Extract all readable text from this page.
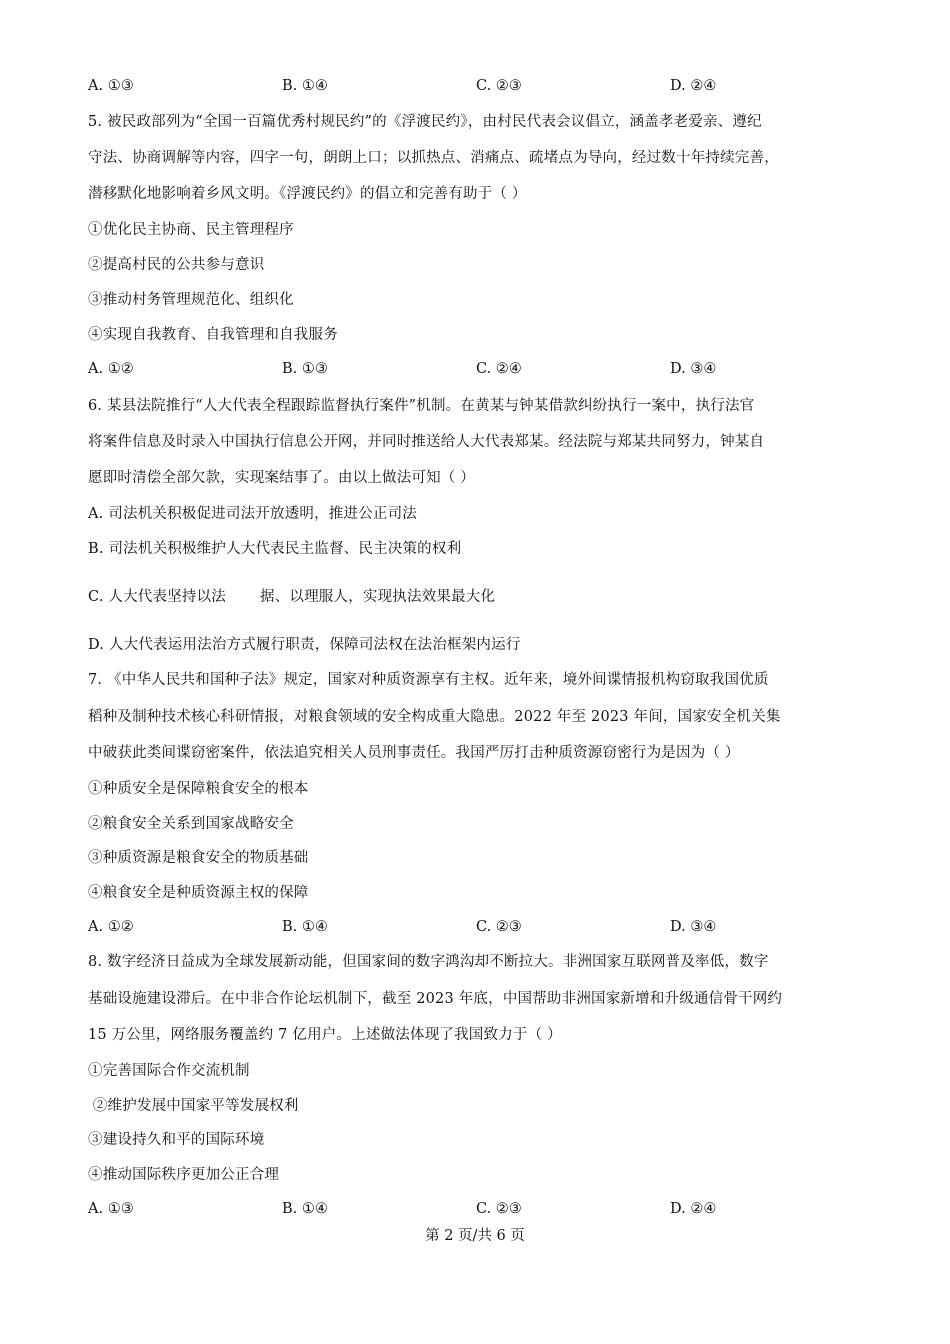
A. ①③	B. ①④	C. ②③	D. ②④
5. 被民政部列为“全国一百篇优秀村规民约”的《浮渡民约》，由村民代表会议倡立，涵盖孝老爱亲、遵纪
守法、协商调解等内容，四字一句，朗朗上口；以抓热点、消痛点、疏堵点为导向，经过数十年持续完善，
潜移默化地影响着乡风文明。《浮渡民约》的倡立和完善有助于（ ）
①优化民主协商、民主管理程序
②提高村民的公共参与意识
③推动村务管理规范化、组织化
④实现自我教育、自我管理和自我服务
A. ①②	B. ①③	C. ②④	D. ③④
6. 某县法院推行“人大代表全程跟踪监督执行案件”机制。在黄某与钟某借款纠纷执行一案中，执行法官
将案件信息及时录入中国执行信息公开网，并同时推送给人大代表郑某。经法院与郑某共同努力，钟某自
愿即时清偿全部欠款，实现案结事了。由以上做法可知（ ）
A. 司法机关积极促进司法开放透明，推进公正司法
B. 司法机关积极维护人大代表民主监督、民主决策的权利
C. 人大代表坚持以法 据、以理服人，实现执法效果最大化
D. 人大代表运用法治方式履行职责，保障司法权在法治框架内运行
7. 《中华人民共和国种子法》规定，国家对种质资源享有主权。近年来，境外间谍情报机构窃取我国优质
稻种及制种技术核心科研情报，对粮食领域的安全构成重大隐患。2022 年至 2023 年间，国家安全机关集
中破获此类间谍窃密案件，依法追究相关人员刑事责任。我国严厉打击种质资源窃密行为是因为（ ）
①种质安全是保障粮食安全的根本
②粮食安全关系到国家战略安全
③种质资源是粮食安全的物质基础
④粮食安全是种质资源主权的保障
A. ①②	B. ①④	C. ②③	D. ③④
8. 数字经济日益成为全球发展新动能，但国家间的数字鸿沟却不断拉大。非洲国家互联网普及率低，数字
基础设施建设滞后。在中非合作论坛机制下，截至 2023 年底，中国帮助非洲国家新增和升级通信骨干网约
15 万公里，网络服务覆盖约 7 亿用户。上述做法体现了我国致力于（ ）
①完善国际合作交流机制
②维护发展中国家平等发展权利
③建设持久和平的国际环境
④推动国际秩序更加公正合理
A. ①③	B. ①④	C. ②③	D. ②④
第 2 页/共 6 页
